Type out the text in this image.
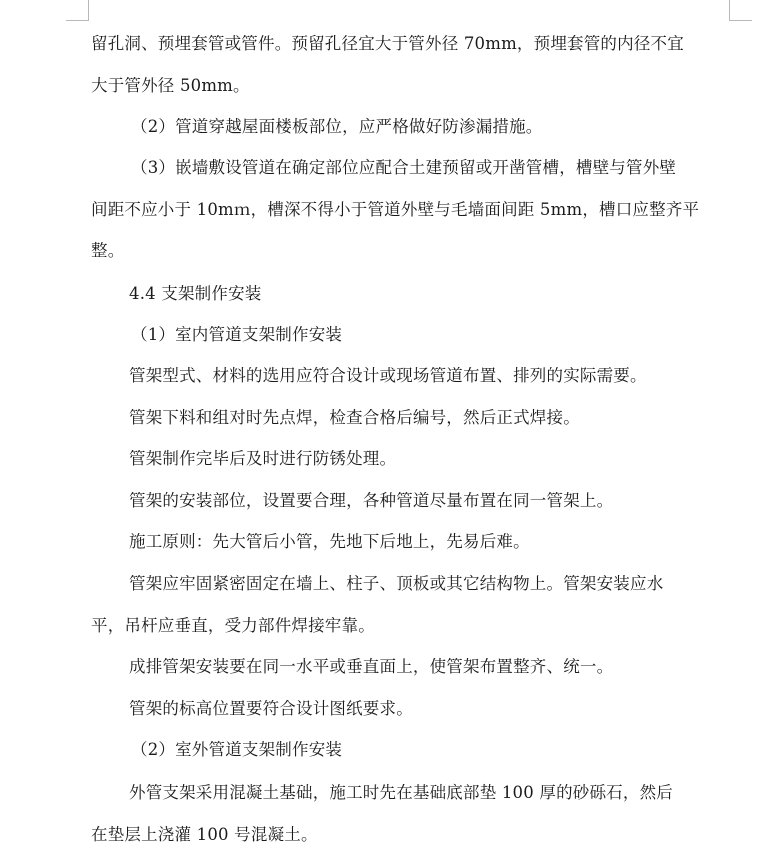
留孔洞、预埋套管或管件。预留孔径宜大于管外径 70mm，预埋套管的内径不宜
大于管外径 50mm。
（2）管道穿越屋面楼板部位，应严格做好防渗漏措施。
（3）嵌墙敷设管道在确定部位应配合土建预留或开凿管槽，槽壁与管外壁
间距不应小于 10mｍ，槽深不得小于管道外壁与毛墙面间距 5mm，槽口应整齐平
整。
4.4 支架制作安装
（1）室内管道支架制作安装
管架型式、材料的选用应符合设计或现场管道布置、排列的实际需要。
管架下料和组对时先点焊，检查合格后编号，然后正式焊接。
管架制作完毕后及时进行防锈处理。
管架的安装部位，设置要合理，各种管道尽量布置在同一管架上。
施工原则：先大管后小管，先地下后地上，先易后难。
管架应牢固紧密固定在墙上、柱子、顶板或其它结构物上。管架安装应水
平，吊杆应垂直，受力部件焊接牢靠。
成排管架安装要在同一水平或垂直面上，使管架布置整齐、统一。
管架的标高位置要符合设计图纸要求。
（2）室外管道支架制作安装
外管支架采用混凝土基础，施工时先在基础底部垫 100 厚的砂砾石，然后
在垫层上浇灌 100 号混凝土。
